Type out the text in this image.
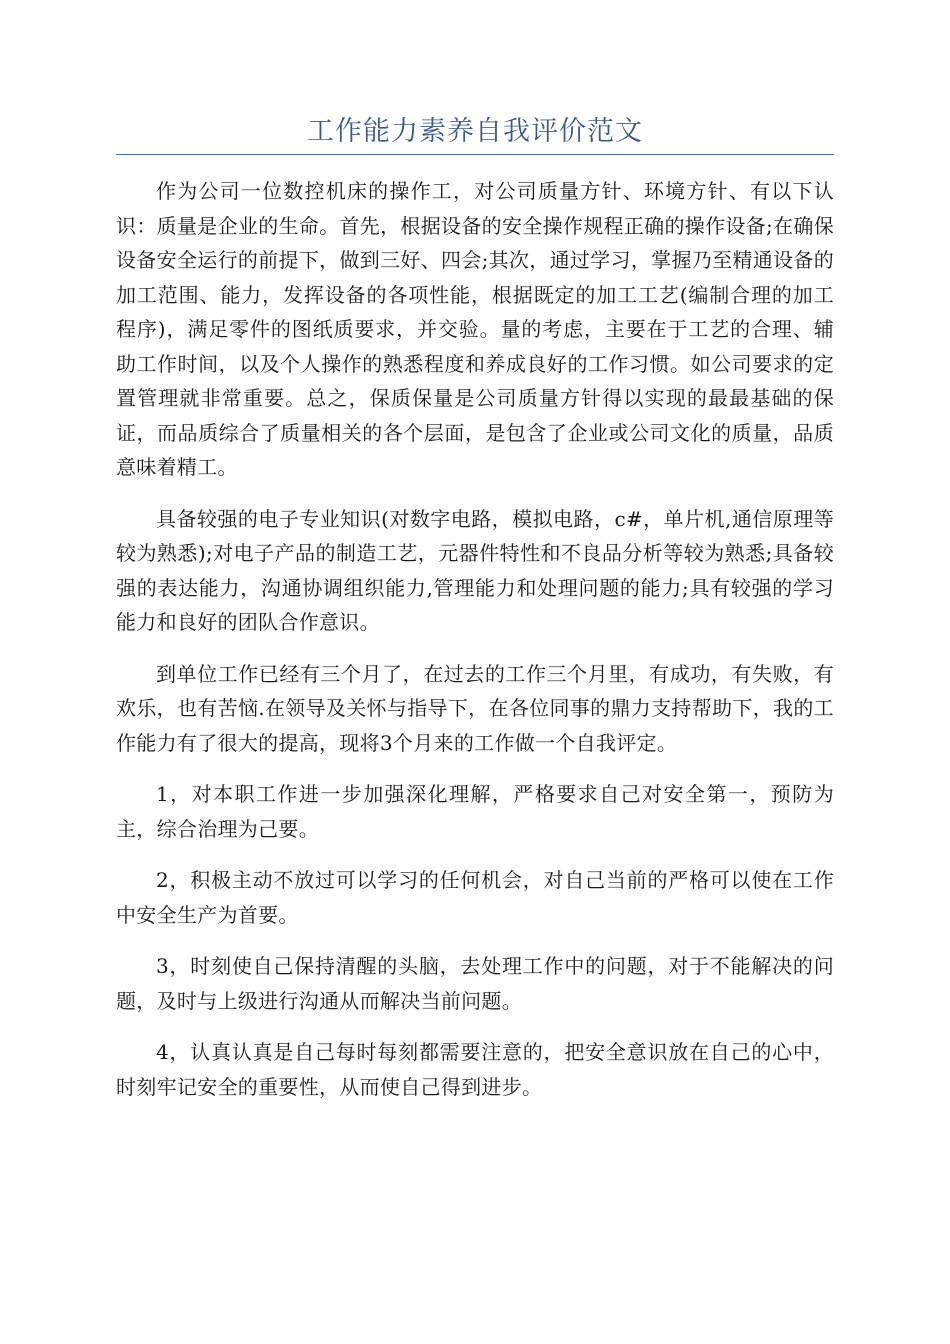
工作能力素养自我评价范文

作为公司一位数控机床的操作工，对公司质量方针、环境方针、有以下认识：质量是企业的生命。首先，根据设备的安全操作规程正确的操作设备;在确保设备安全运行的前提下，做到三好、四会;其次，通过学习，掌握乃至精通设备的加工范围、能力，发挥设备的各项性能，根据既定的加工工艺(编制合理的加工程序)，满足零件的图纸质要求，并交验。量的考虑，主要在于工艺的合理、辅助工作时间，以及个人操作的熟悉程度和养成良好的工作习惯。如公司要求的定置管理就非常重要。总之，保质保量是公司质量方针得以实现的最最基础的保证，而品质综合了质量相关的各个层面，是包含了企业或公司文化的质量，品质意味着精工。

具备较强的电子专业知识(对数字电路，模拟电路，c#，单片机,通信原理等较为熟悉);对电子产品的制造工艺，元器件特性和不良品分析等较为熟悉;具备较强的表达能力，沟通协调组织能力,管理能力和处理问题的能力;具有较强的学习能力和良好的团队合作意识。

到单位工作已经有三个月了，在过去的工作三个月里，有成功，有失败，有欢乐，也有苦恼.在领导及关怀与指导下，在各位同事的鼎力支持帮助下，我的工作能力有了很大的提高，现将3个月来的工作做一个自我评定。

1，对本职工作进一步加强深化理解，严格要求自己对安全第一，预防为主，综合治理为己要。

2，积极主动不放过可以学习的任何机会，对自己当前的严格可以使在工作中安全生产为首要。

3，时刻使自己保持清醒的头脑，去处理工作中的问题，对于不能解决的问题，及时与上级进行沟通从而解决当前问题。

4，认真认真是自己每时每刻都需要注意的，把安全意识放在自己的心中，时刻牢记安全的重要性，从而使自己得到进步。
